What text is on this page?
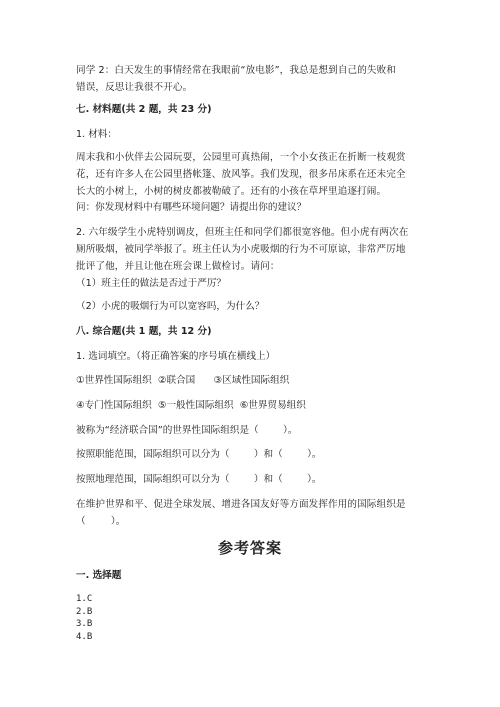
同学 2：白天发生的事情经常在我眼前“放电影”，我总是想到自己的失败和
错误，反思让我很不开心。

七. 材料题(共 2 题，共 23 分)
1. 材料：

周末我和小伙伴去公园玩耍，公园里可真热闹，一个小女孩正在折断一枝观赏
花，还有许多人在公园里搭帐篷、放风筝。我们发现，很多吊床系在还未完全
长大的小树上，小树的树皮都被勒破了。还有的小孩在草坪里追逐打闹。

问：你发现材料中有哪些环境问题？请提出你的建议？

2. 六年级学生小虎特别调皮，但班主任和同学们都很宽容他。但小虎有两次在
厕所吸烟，被同学举报了。班主任认为小虎吸烟的行为不可原谅，非常严厉地
批评了他，并且让他在班会课上做检讨。请问：

（1）班主任的做法是否过于严厉？
（2）小虎的吸烟行为可以宽容吗，为什么？
八. 综合题(共 1 题，共 12 分)
1. 选词填空。（将正确答案的序号填在横线上）
①世界性国际组织  ②联合国      ③区域性国际组织
④专门性国际组织  ⑤一般性国际组织  ⑥世界贸易组织
被称为“经济联合国”的世界性国际组织是（        ）。
按照职能范围，国际组织可以分为（        ）和（        ）。
按照地理范围，国际组织可以分为（        ）和（        ）。

在维护世界和平、促进全球发展、增进各国友好等方面发挥作用的国际组织是
（        ）。

参考答案
一. 选择题
1.C
2.B
3.B
4.B
